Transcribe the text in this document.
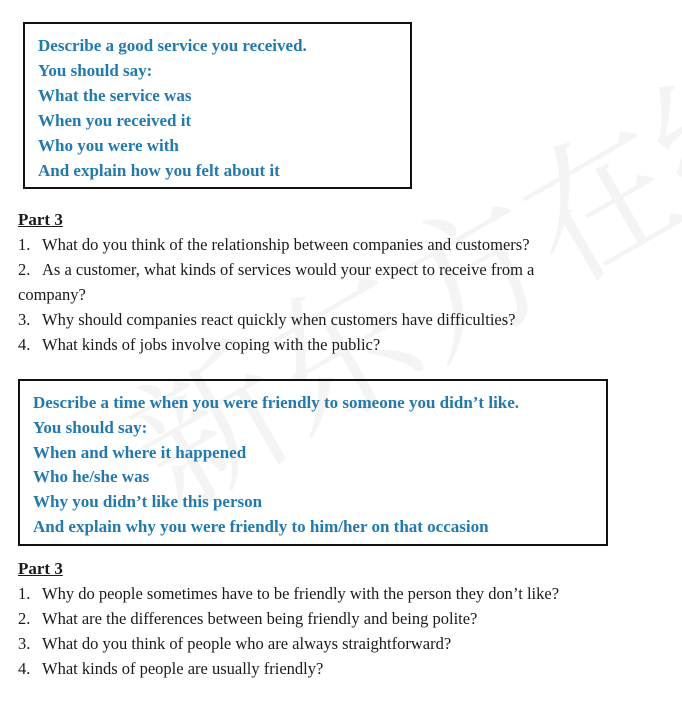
Describe a good service you received.
You should say:
What the service was
When you received it
Who you were with
And explain how you felt about it
Part 3
1. What do you think of the relationship between companies and customers?
2. As a customer, what kinds of services would your expect to receive from a
company?
3. Why should companies react quickly when customers have difficulties?
4. What kinds of jobs involve coping with the public?
Describe a time when you were friendly to someone you didn’t like.
You should say:
When and where it happened
Who he/she was
Why you didn’t like this person
And explain why you were friendly to him/her on that occasion
Part 3
1. Why do people sometimes have to be friendly with the person they don’t like?
2. What are the differences between being friendly and being polite?
3. What do you think of people who are always straightforward?
4. What kinds of people are usually friendly?
